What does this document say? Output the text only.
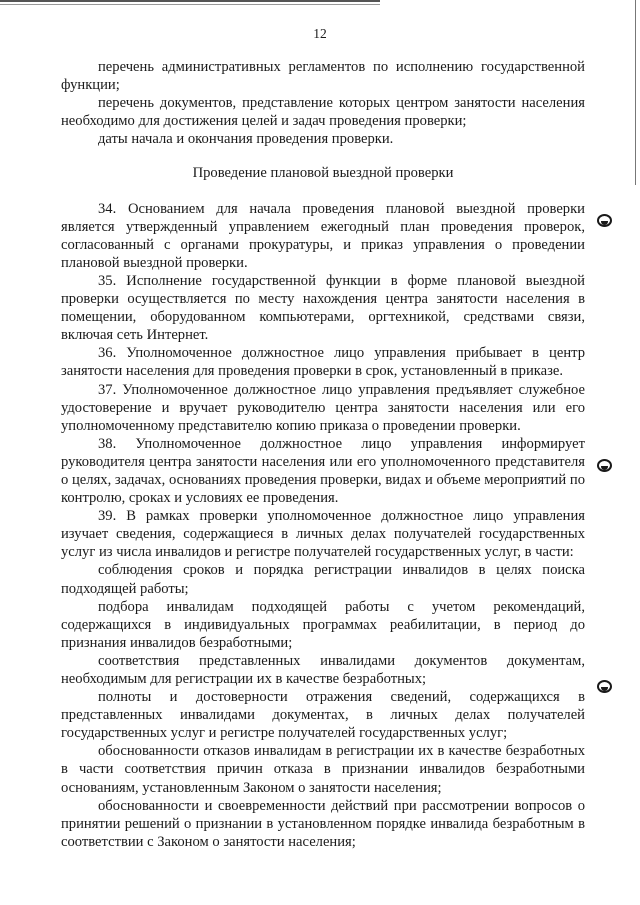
12

перечень административных регламентов по исполнению государственной функции;

перечень документов, представление которых центром занятости населения необходимо для достижения целей и задач проведения проверки;

даты начала и окончания проведения проверки.

Проведение плановой выездной проверки

34. Основанием для начала проведения плановой выездной проверки является утвержденный управлением ежегодный план проведения проверок, согласованный с органами прокуратуры, и приказ управления о проведении плановой выездной проверки.

35. Исполнение государственной функции в форме плановой выездной проверки осуществляется по месту нахождения центра занятости населения в помещении, оборудованном компьютерами, оргтехникой, средствами связи, включая сеть Интернет.

36. Уполномоченное должностное лицо управления прибывает в центр занятости населения для проведения проверки в срок, установленный в приказе.

37. Уполномоченное должностное лицо управления предъявляет служебное удостоверение и вручает руководителю центра занятости населения или его уполномоченному представителю копию приказа о проведении проверки.

38. Уполномоченное должностное лицо управления информирует руководителя центра занятости населения или его уполномоченного представителя о целях, задачах, основаниях проведения проверки, видах и объеме мероприятий по контролю, сроках и условиях ее проведения.

39. В рамках проверки уполномоченное должностное лицо управления изучает сведения, содержащиеся в личных делах получателей государственных услуг из числа инвалидов и регистре получателей государственных услуг, в части:

соблюдения сроков и порядка регистрации инвалидов в целях поиска подходящей работы;

подбора инвалидам подходящей работы с учетом рекомендаций, содержащихся в индивидуальных программах реабилитации, в период до признания инвалидов безработными;

соответствия представленных инвалидами документов документам, необходимым для регистрации их в качестве безработных;

полноты и достоверности отражения сведений, содержащихся в представленных инвалидами документах, в личных делах получателей государственных услуг и регистре получателей государственных услуг;

обоснованности отказов инвалидам в регистрации их в качестве безработных в части соответствия причин отказа в признании инвалидов безработными основаниям, установленным Законом о занятости населения;

обоснованности и своевременности действий при рассмотрении вопросов о принятии решений о признании в установленном порядке инвалида безработным в соответствии с Законом о занятости населения;
